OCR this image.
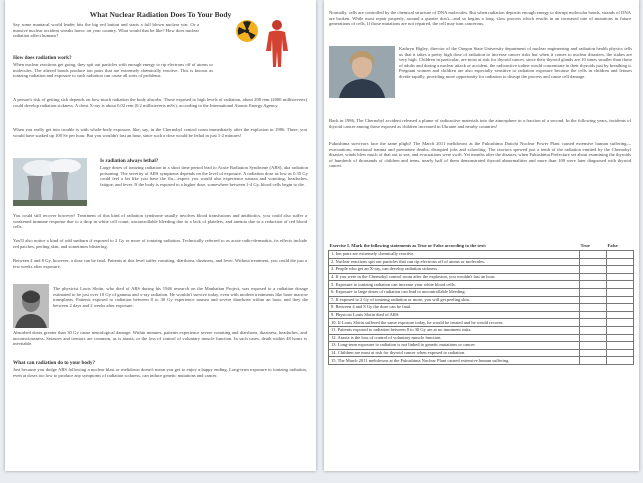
What Nuclear Radiation Does To Your Body

Say some maniacal world leader hits the big red button and starts a full blown nuclear war. Or a massive nuclear accident wreaks havoc on your country. What would that be like? How does nuclear radiation affect humans?

How does radiation work?

When nuclear reactions get going, they spit out particles with enough energy to rip electrons off of atoms or molecules. The altered bonds produce ion pairs that are extremely chemically reactive. This is known as ionizing radiation and exposure to such radiation can cause all sorts of problems.

A person's risk of getting sick depends on how much radiation the body absorbs. Those exposed to high levels of radiation, about 200 rem (2000 millisieverts) could develop radiation sickness. A chest X-ray is about 0.02 rem (0.2 millisieverts mSv), according to the International Atomic Energy Agency.

When you really get into trouble is with whole-body exposure, like, say, in the Chernobyl control room immediately after the explosion in 1986. There, you would have soaked up 100 Sv per hour. But you wouldn't last an hour, since such a dose would be lethal in just 1-2 minutes!

Is radiation always lethal?

Large doses of ionizing radiation in a short time period lead to Acute Radiation Syndrome (ARS), aka radiation poisoning. The severity of ARS symptoms depends on the level of exposure. A radiation dose as low as 0.35 Gy could feel a bit like you have the flu—expect you would also experience nausea and vomiting, headaches, fatigue, and fever. If the body is exposed to a higher dose, somewhere between 1-4 Gy, blood cells begin to die.

You could still recover however! Treatment of this kind of radiation syndrome usually involves blood transfusions and antibiotics, you could also suffer a weakened immune response due to a drop in white cell count, uncontrollable bleeding due to a lack of platelets, and anemia due to a reduction of red blood cells.

You'll also notice a kind of odd sunburn if exposed to 2 Gy or more of ionizing radiation. Technically referred to as acute radio-dermatitis, its effects include red patches, peeling skin, and sometimes blistering.

Between 4 and 8 Gy, however, a dose can be fatal. Patients at this level suffer vomiting, diarrhoea, dizziness, and fever. Without treatment, you could die just a few weeks after exposure.

The physicist Louis Slotin, who died of ARS during his 1946 research on the Manhattan Project, was exposed to a radiation dosage estimated to be just over 10 Gy of gamma and x-ray radiation. He wouldn't survive today, even with modern treatments like bone marrow transplants. Patients exposed to radiation between 8 to 30 Gy experience nausea and severe diarrhoea within an hour, and they die between 2 days and 2 weeks after exposure.

Absorbed doses greater than 30 Gy cause neurological damage. Within minutes, patients experience severe vomiting and diarrhoea, dizziness, headaches, and unconsciousness. Seizures and tremors are common, as is ataxia, or the loss of control of voluntary muscle function. In such cases, death within 48 hours is inevitable.

What can radiation do to your body?

Just because you dodge ARS following a nuclear blast or meltdown doesn't mean you get to enjoy a happy ending. Long-term exposure to ionizing radiation, even at doses too low to produce any symptoms of radiation sickness, can induce genetic mutations and cancer.

Normally, cells are controlled by the chemical structure of DNA molecules. But when radiation deposits enough energy to disrupt molecular bonds, strands of DNA are broken. While most repair properly, around a quarter don't—and so begins a long, slow process which results in an increased rate of mutations in future generations of cells. If those mutations are not repaired, the cell may turn cancerous.

Kathryn Higley, director of the Oregon State University department of nuclear engineering and radiation health physics tells us that it takes a pretty high dose of radiation to increase cancer risks but when it comes to nuclear disasters, the stakes are very high. Children in particular, are most at risk for thyroid cancer, since their thyroid glands are 10 times smaller than those of adults and during a nuclear attack or accident, the radioactive iodine would concentrate in their thyroids just by breathing it. Pregnant women and children are also especially sensitive to radiation exposure because the cells in children and fetuses divide rapidly, providing more opportunity for radiation to disrupt the process and cause cell damage.

Back in 1986, The Chernobyl accident released a plume of radioactive materials into the atmosphere in a fraction of a second. In the following years, incidents of thyroid cancer among those exposed as children increased in Ukraine and nearby countries!

Fukushima survivors face the same plight! The March 2011 meltdowns at the Fukushima Daiichi Nuclear Power Plant caused extensive human suffering—evacuations, emotional trauma and premature deaths, disrupted jobs and schooling. The reactors spewed just a tenth of the radiation emitted by the Chernobyl disaster, winds blew much of that out to sea, and evacuations were swift. Yet months after the disaster, when Fukushima Prefecture set about examining the thyroids of hundreds of thousands of children and teens, nearly half of them demonstrated thyroid abnormalities and more than 100 were later diagnosed with thyroid cancer.

Exercise I. Mark the following statements as True or False according to the text:	True	False
1. Ion pairs are extremely chemically reactive.		
2. Nuclear reactions spit out particles that can rip electrons off of atoms or molecules.		
3. People who get an X-ray, can develop radiation sickness.		
4. If you were in the Chernobyl control room after the explosion, you wouldn't last an hour.		
5. Exposure to ionizing radiation can increase your white blood cells.		
6. Exposure to large doses of radiation can lead to uncontrollable bleeding.		
7. If exposed to 2 Gy of ionizing radiation or more, you will get peeling skin.		
8. Between 4 and 8 Gy the dose can be fatal.		
9. Physicist Louis Slotin died of ARS.		
10. If Louis Slotin suffered the same exposure today, he would be treated and he would recover.		
11. Patients exposed to radiation between 8 to 30 Gy are at no imminent risks.		
12. Ataxia is the loss of control of voluntary muscle function.		
13. Long-term exposure to radiation is not linked to genetic mutations or cancer.		
14. Children are most at risk for thyroid cancer when exposed to radiation.		
15. The March 2011 meltdowns at the Fukushima Nuclear Plant caused extensive human suffering.		
